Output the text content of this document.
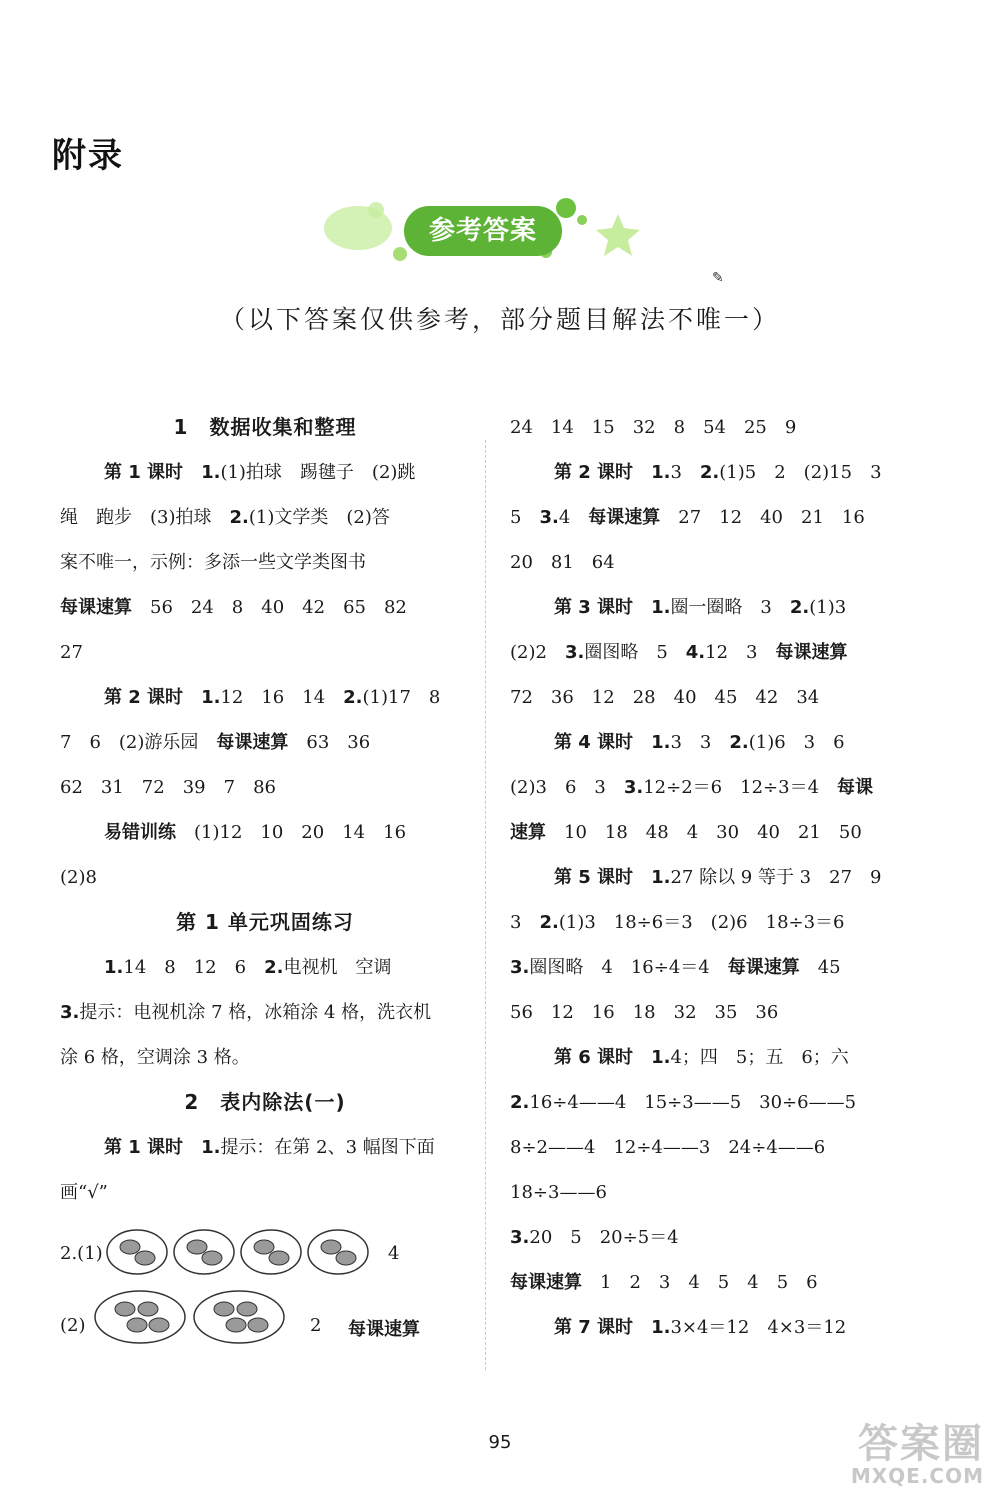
附录
参考答案
✎
（以下答案仅供参考，部分题目解法不唯一）
1　数据收集和整理
第 1 课时　 1.(1)拍球　踢毽子　(2)跳
绳　跑步　(3)拍球　2.(1)文学类　(2)答
案不唯一，示例：多添一些文学类图书
每课速算　56　24　8　40　42　65　82
27
第 2 课时　 1.12　16　14　2.(1)17　8
7　6　(2)游乐园　每课速算　63　36
62　31　72　39　7　86
易错训练　(1)12　10　20　14　16
(2)8
第 1 单元巩固练习
1.14　8　12　6　2.电视机　空调
3.提示：电视机涂 7 格，冰箱涂 4 格，洗衣机
涂 6 格，空调涂 3 格。
2　表内除法(一)
第 1 课时　 1.提示：在第 2、3 幅图下面
画“√”
2.(1)	4
(2)	2 每课速算
24　14　15　32　8　54　25　9
第 2 课时　 1.3　2.(1)5　2　(2)15　3
5　3.4　每课速算　27　12　40　21　16
20　81　64
第 3 课时　 1.圈一圈略　3　2.(1)3
(2)2　3.圈图略　5　4.12　3　每课速算
72　36　12　28　40　45　42　34
第 4 课时　 1.3　3　2.(1)6　3　6
(2)3　6　3　3.12÷2＝6　12÷3＝4　每课
速算　10　18　48　4　30　40　21　50
第 5 课时　 1.27 除以 9 等于 3　27　9
3　2.(1)3　18÷6＝3　(2)6　18÷3＝6
3.圈图略　4　16÷4＝4　每课速算　45
56　12　16　18　32　35　36
第 6 课时　 1.4；四　5；五　6；六
2.16÷4——4　15÷3——5　30÷6——5
8÷2——4　12÷4——3　24÷4——6
18÷3——6
3.20　5　20÷5＝4
每课速算　1　2　3　4　5　4　5　6
第 7 课时　 1.3×4＝12　4×3＝12
95	答案圈
MXQE.COM
